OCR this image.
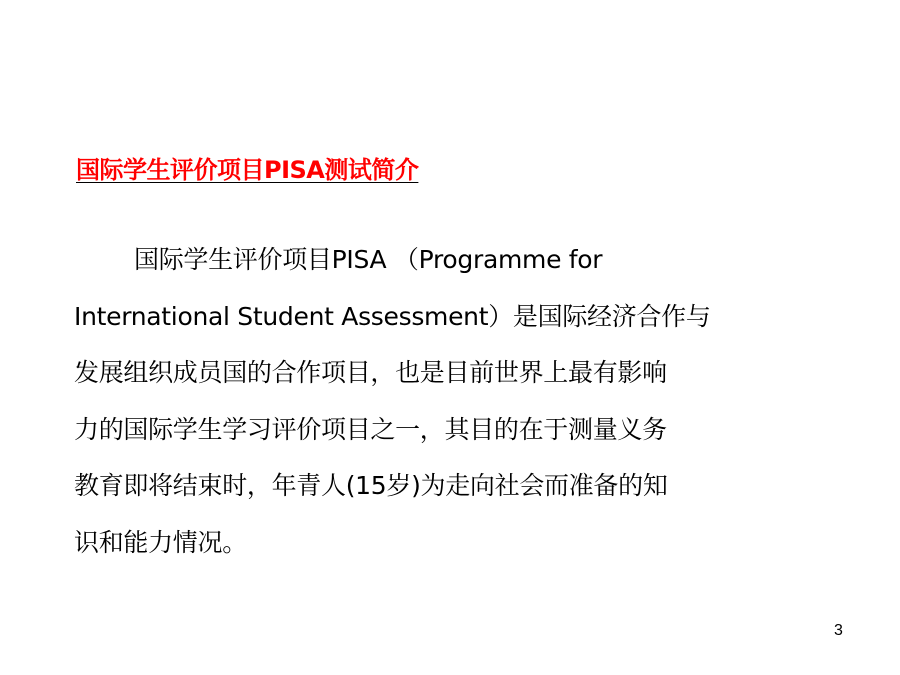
国际学生评价项目PISA测试简介
国际学生评价项目PISA （Programme for
International Student Assessment）是国际经济合作与
发展组织成员国的合作项目，也是目前世界上最有影响
力的国际学生学习评价项目之一，其目的在于测量义务
教育即将结束时，年青人(15岁)为走向社会而准备的知
识和能力情况。
3
